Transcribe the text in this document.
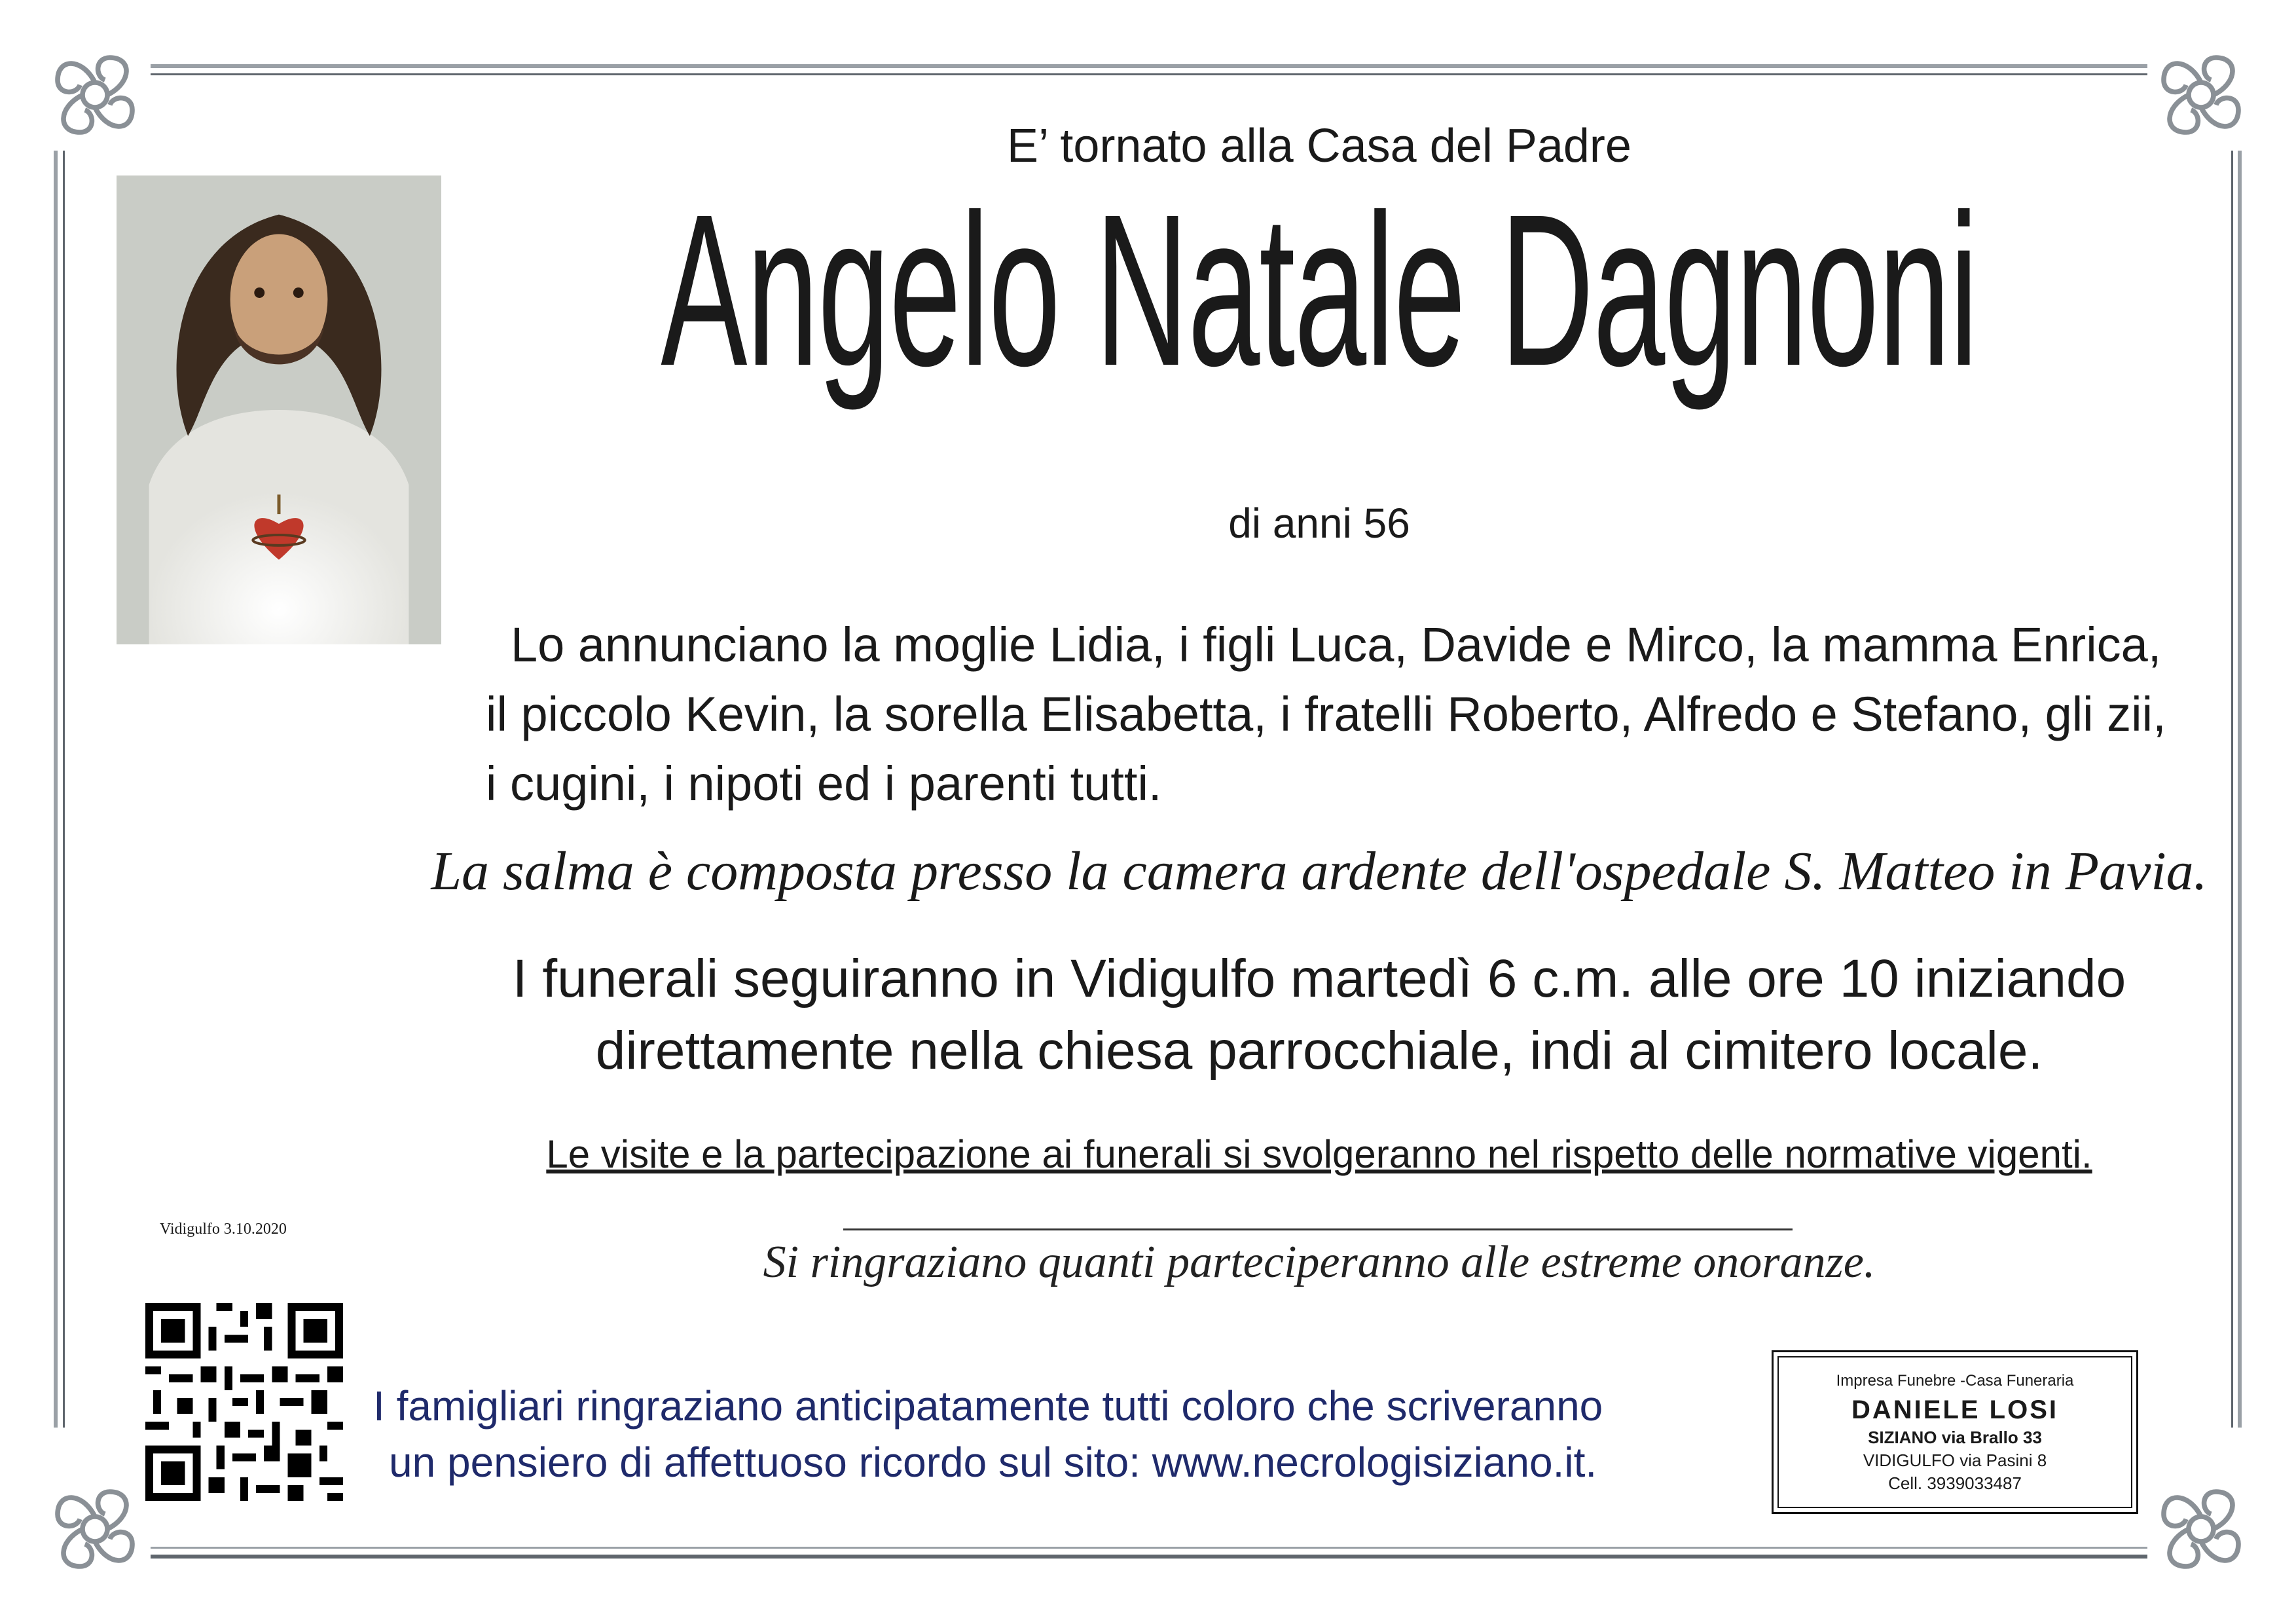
E’ tornato alla Casa del Padre
Angelo Natale Dagnoni
di anni 56
Lo annunciano la moglie Lidia, i figli Luca, Davide e Mirco, la mamma Enrica,
il piccolo Kevin, la sorella Elisabetta, i fratelli Roberto, Alfredo e Stefano, gli zii,
i cugini, i nipoti ed i parenti tutti.
La salma è composta presso la camera ardente dell'ospedale S. Matteo in Pavia.
I funerali seguiranno in Vidigulfo martedì 6 c.m. alle ore 10 iniziando
direttamente nella chiesa parrocchiale, indi al cimitero locale.
Le visite e la partecipazione ai funerali si svolgeranno nel rispetto delle normative vigenti.
Si ringraziano quanti parteciperanno alle estreme onoranze.
Vidigulfo 3.10.2020
I famigliari ringraziano anticipatamente tutti coloro che scriveranno
un pensiero di affettuoso ricordo sul sito: www.necrologisiziano.it.
Impresa Funebre -Casa Funeraria
DANIELE LOSI
SIZIANO via Brallo 33
VIDIGULFO via Pasini 8
Cell. 3939033487
